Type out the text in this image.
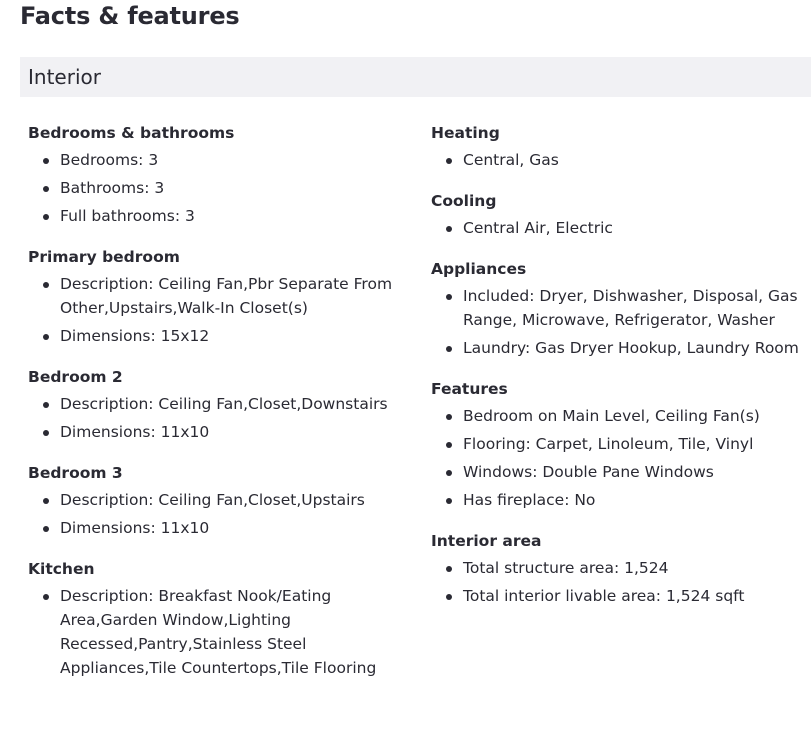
Facts & features
Interior
Bedrooms & bathrooms
Bedrooms: 3
Bathrooms: 3
Full bathrooms: 3
Primary bedroom
Description: Ceiling Fan,Pbr Separate From Other,Upstairs,Walk-In Closet(s)
Dimensions: 15x12
Bedroom 2
Description: Ceiling Fan,Closet,Downstairs
Dimensions: 11x10
Bedroom 3
Description: Ceiling Fan,Closet,Upstairs
Dimensions: 11x10
Kitchen
Description: Breakfast Nook/Eating Area,Garden Window,Lighting Recessed,Pantry,Stainless Steel Appliances,Tile Countertops,Tile Flooring
Heating
Central, Gas
Cooling
Central Air, Electric
Appliances
Included: Dryer, Dishwasher, Disposal, Gas Range, Microwave, Refrigerator, Washer
Laundry: Gas Dryer Hookup, Laundry Room
Features
Bedroom on Main Level, Ceiling Fan(s)
Flooring: Carpet, Linoleum, Tile, Vinyl
Windows: Double Pane Windows
Has fireplace: No
Interior area
Total structure area: 1,524
Total interior livable area: 1,524 sqft
